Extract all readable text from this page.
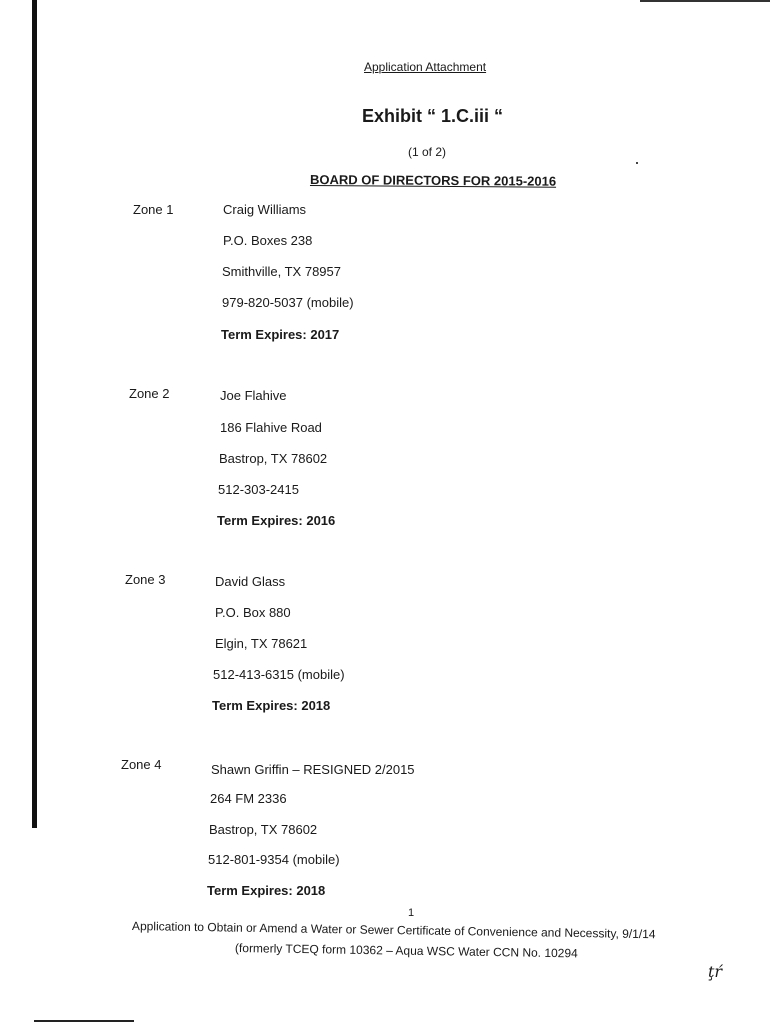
Application Attachment
Exhibit “ 1.C.iii “
(1 of 2)
BOARD OF DIRECTORS FOR 2015-2016
Zone 1	Craig Williams
P.O. Boxes 238
Smithville, TX 78957
979-820-5037 (mobile)
Term Expires: 2017
Zone 2	Joe Flahive
186 Flahive Road
Bastrop, TX 78602
512-303-2415
Term Expires: 2016
Zone 3	David Glass
P.O. Box 880
Elgin, TX 78621
512-413-6315 (mobile)
Term Expires: 2018
Zone 4	Shawn Griffin – RESIGNED 2/2015
264 FM 2336
Bastrop, TX 78602
512-801-9354 (mobile)
Term Expires: 2018
1
Application to Obtain or Amend a Water or Sewer Certificate of Convenience and Necessity, 9/1/14
(formerly TCEQ form 10362 – Aqua WSC Water CCN No. 10294
ţŕ
